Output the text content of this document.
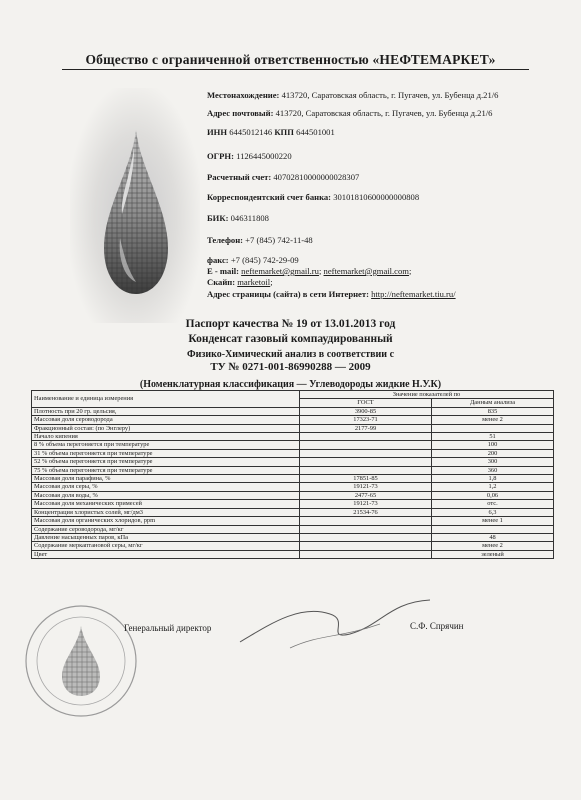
Общество с ограниченной ответственностью «НЕФТЕМАРКЕТ»
Местонахождение: 413720, Саратовская область, г. Пугачев, ул. Бубенца д.21/6
Адрес почтовый: 413720, Саратовская область, г. Пугачев, ул. Бубенца д.21/6
ИНН 6445012146 КПП 644501001
ОГРН: 1126445000220
Расчетный счет: 40702810000000028307
Корреспондентский счет банка: 30101810600000000808
БИК: 046311808
Телефон: +7 (845) 742-11-48
факс: +7 (845) 742-29-09
E - mail: neftemarket@gmail.ru; neftemarket@gmail.com;
Скайп: marketoil;
Адрес страницы (сайта) в сети Интернет: http://neftemarket.tiu.ru/
Паспорт качества № 19 от 13.01.2013 год
Конденсат газовый компаудированный
Физико-Химический анализ в соответствии с
ТУ № 0271-001-86990288 — 2009
(Номенклатурная классификация — Углеводороды жидкие Н.У.К)
Наименование и единица измерения	Значение показателей по	
	ГОСТ	Данным анализа
Плотность при 20 гр. цельсия,	3900-85	835
Массовая доля сероводорода	17323-71	менее 2
Фракционный состав: (по Энглеру)	2177-99	
Начало кипения		51
8 % объема перегоняется при температуре		100
31 % объема перегоняется при температуре		200
52 % объема перегоняется при температуре		300
75 % объема перегоняется при температуре		360
Массовая доля парафина, %	17851-85	1,8
Массовая доля серы, %	19121-73	1,2
Массовая доля воды, %	2477-65	0,06
Массовая доля механических примесей	19121-73	отс.
Концентрация хлористых солей, мг/дм3	21534-76	6,3
Массовая доля органических хлоридов, ppm		менее 1
Содержание сероводорода, мг/кг		
Давление насыщенных паров, кПа		48
Содержание меркаптановой серы, мг/кг		менее 2
Цвет		зеленый
Генеральный директор	С.Ф. Спрячин
